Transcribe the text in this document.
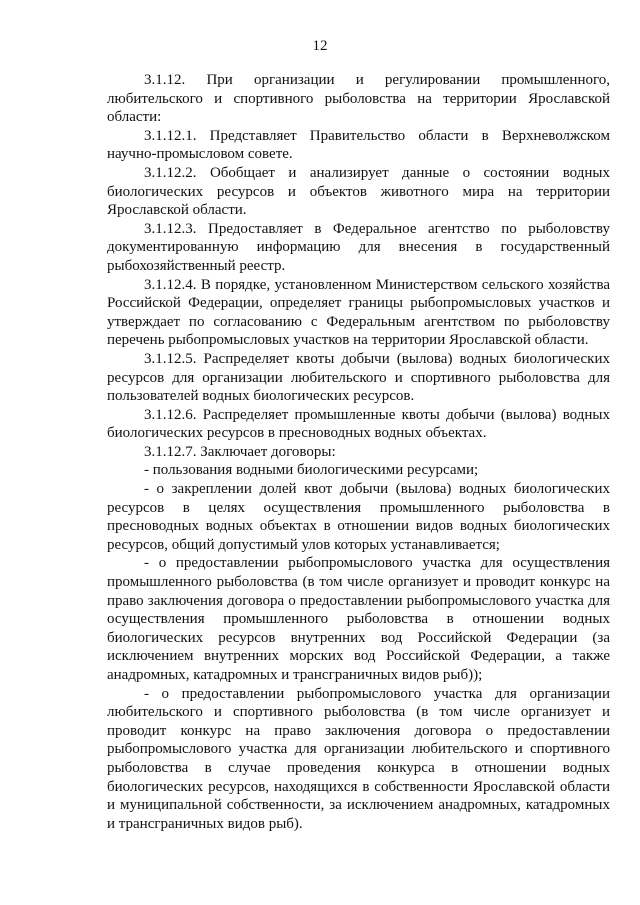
12

3.1.12. При организации и регулировании промышленного, любительского и спортивного рыболовства на территории Ярославской области:

3.1.12.1. Представляет Правительство области в Верхневолжском научно-промысловом совете.

3.1.12.2. Обобщает и анализирует данные о состоянии водных биологических ресурсов и объектов животного мира на территории Ярославской области.

3.1.12.3. Предоставляет в Федеральное агентство по рыболовству документированную информацию для внесения в государственный рыбохозяйственный реестр.

3.1.12.4. В порядке, установленном Министерством сельского хозяйства Российской Федерации, определяет границы рыбопромысловых участков и утверждает по согласованию с Федеральным агентством по рыболовству перечень рыбопромысловых участков на территории Ярославской области.

3.1.12.5. Распределяет квоты добычи (вылова) водных биологических ресурсов для организации любительского и спортивного рыболовства для пользователей водных биологических ресурсов.

3.1.12.6. Распределяет промышленные квоты добычи (вылова) водных биологических ресурсов в пресноводных водных объектах.

3.1.12.7. Заключает договоры:

- пользования водными биологическими ресурсами;

- о закреплении долей квот добычи (вылова) водных биологических ресурсов в целях осуществления промышленного рыболовства в пресноводных водных объектах в отношении видов водных биологических ресурсов, общий допустимый улов которых устанавливается;

- о предоставлении рыбопромыслового участка для осуществления промышленного рыболовства (в том числе организует и проводит конкурс на право заключения договора о предоставлении рыбопромыслового участка для осуществления промышленного рыболовства в отношении водных биологических ресурсов внутренних вод Российской Федерации (за исключением внутренних морских вод Российской Федерации, а также анадромных, катадромных и трансграничных видов рыб));

- о предоставлении рыбопромыслового участка для организации любительского и спортивного рыболовства (в том числе организует и проводит конкурс на право заключения договора о предоставлении рыбопромыслового участка для организации любительского и спортивного рыболовства в случае проведения конкурса в отношении водных биологических ресурсов, находящихся в собственности Ярославской области и муниципальной собственности, за исключением анадромных, катадромных и трансграничных видов рыб).
